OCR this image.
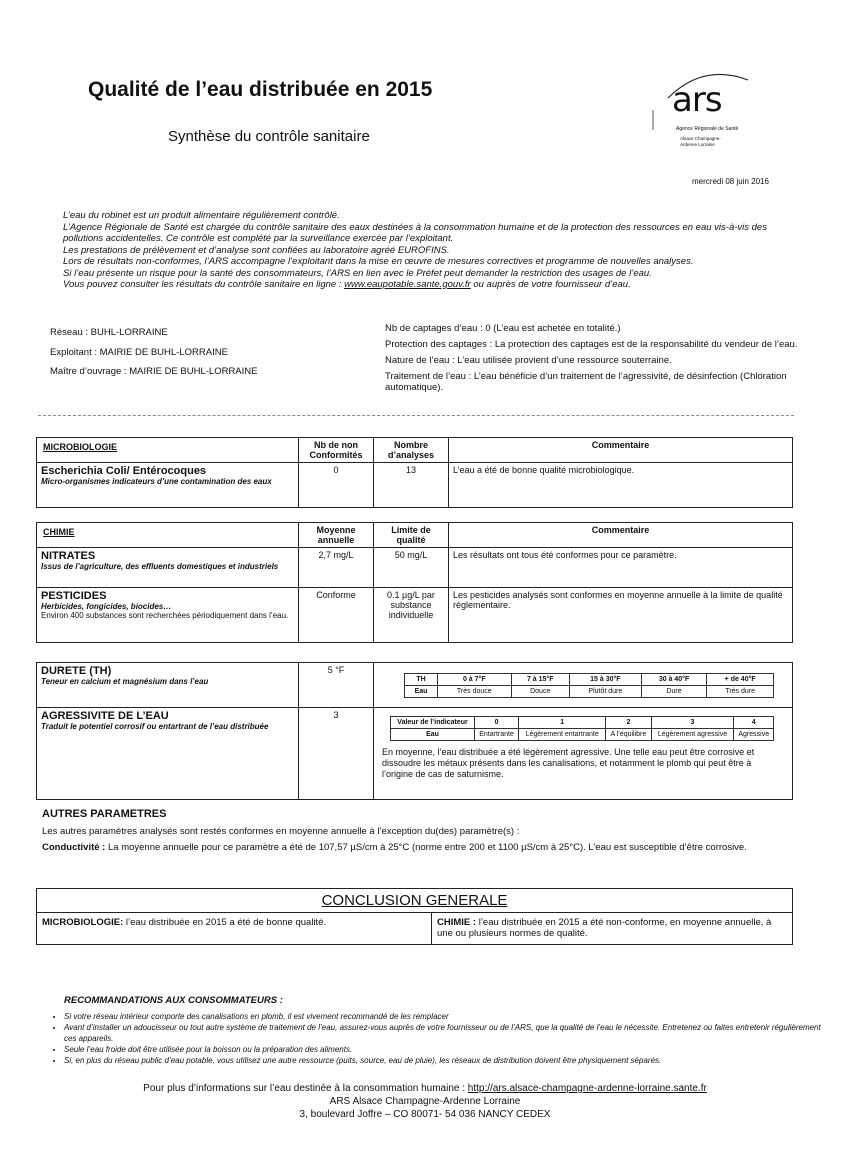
Qualité de l’eau distribuée en 2015
Synthèse du contrôle sanitaire
ars
Agence Régionale de Santé
Alsace Champagne-Ardenne Lorraine
mercredi 08 juin 2016

L’eau du robinet est un produit alimentaire régulièrement contrôlé.

L’Agence Régionale de Santé est chargée du contrôle sanitaire des eaux destinées à la consommation humaine et de la protection des ressources en eau vis-à-vis des pollutions accidentelles. Ce contrôle est complété par la surveillance exercée par l’exploitant.

Les prestations de prélèvement et d’analyse sont confiées au laboratoire agréé EUROFINS.

Lors de résultats non-conformes, l’ARS accompagne l’exploitant dans la mise en œuvre de mesures correctives et programme de nouvelles analyses.

Si l’eau présente un risque pour la santé des consommateurs, l’ARS en lien avec le Préfet peut demander la restriction des usages de l’eau.

Vous pouvez consulter les résultats du contrôle sanitaire en ligne : www.eaupotable.sante.gouv.fr ou auprès de votre fournisseur d’eau.

Réseau : BUHL-LORRAINE
Exploitant : MAIRIE DE BUHL-LORRAINE
Maître d’ouvrage : MAIRIE DE BUHL-LORRAINE

Nb de captages d’eau : 0 (L’eau est achetée en totalité.)

Protection des captages : La protection des captages est de la responsabilité du vendeur de l’eau.

Nature de l’eau : L’eau utilisée provient d’une ressource souterraine.

Traitement de l’eau : L’eau bénéficie d’un traitement de l’agressivité, de désinfection (Chloration automatique).

MICROBIOLOGIE	Nb de non Conformités	Nombre d’analyses	Commentaire

Escherichia Coli/ Entérocoques
Micro-organismes indicateurs d’une contamination des eaux	0	13	L’eau a été de bonne qualité microbiologique.
CHIMIE	Moyenne annuelle	Limite de qualité	Commentaire

NITRATES
Issus de l’agriculture, des effluents domestiques et industriels	2,7 mg/L	50 mg/L	Les résultats ont tous été conformes pour ce paramètre.

PESTICIDES
Herbicides, fongicides, biocides…
Environ 400 substances sont recherchées périodiquement dans l’eau.	Conforme	0.1 µg/L par substance individuelle	Les pesticides analysés sont conformes en moyenne annuelle à la limite de qualité réglementaire.
DURETE (TH)
Teneur en calcium et magnésium dans l’eau
	5 °F	
TH	0 à 7°F	7 à 15°F	15 à 30°F	30 à 40°F	+ de 40°F
Eau	Très douce	Douce	Plutôt dure	Dure	Très dure

AGRESSIVITE DE L’EAU
Traduit le potentiel corrosif ou entartrant de l’eau distribuée
	3	
Valeur de l’indicateur	0	1	2	3	4
Eau	Entartrante	Légèrement entartrante	A l’équilibre	Légèrement agressive	Agressive
En moyenne, l’eau distribuée a été légèrement agressive. Une telle eau peut être corrosive et dissoudre les métaux présents dans les canalisations, et notamment le plomb qui peut être à l’origine de cas de saturnisme.
AUTRES PARAMETRES

Les autres paramètres analysés sont restés conformes en moyenne annuelle à l’exception du(des) paramètre(s) :

Conductivité : La moyenne annuelle pour ce paramètre a été de 107,57 µS/cm à 25°C (norme entre 200 et 1100 µS/cm à 25°C). L’eau est susceptible d’être corrosive.

CONCLUSION GENERALE
MICROBIOLOGIE: l’eau distribuée en 2015 a été de bonne qualité.	CHIMIE : l’eau distribuée en 2015 a été non-conforme, en moyenne annuelle, à une ou plusieurs normes de qualité.
RECOMMANDATIONS AUX CONSOMMATEURS :
• Si votre réseau intérieur comporte des canalisations en plomb, il est vivement recommandé de les remplacer
• Avant d’installer un adoucisseur ou tout autre système de traitement de l’eau, assurez-vous auprès de votre fournisseur ou de l’ARS, que la qualité de l’eau le nécessite. Entretenez ou faites entretenir régulièrement ces appareils.
• Seule l’eau froide doit être utilisée pour la boisson ou la préparation des aliments.
• Si, en plus du réseau public d’eau potable, vous utilisez une autre ressource (puits, source, eau de pluie), les réseaux de distribution doivent être physiquement séparés.
Pour plus d’informations sur l’eau destinée à la consommation humaine : http://ars.alsace-champagne-ardenne-lorraine.sante.fr
ARS Alsace Champagne-Ardenne Lorraine
3, boulevard Joffre – CO 80071- 54 036 NANCY CEDEX
